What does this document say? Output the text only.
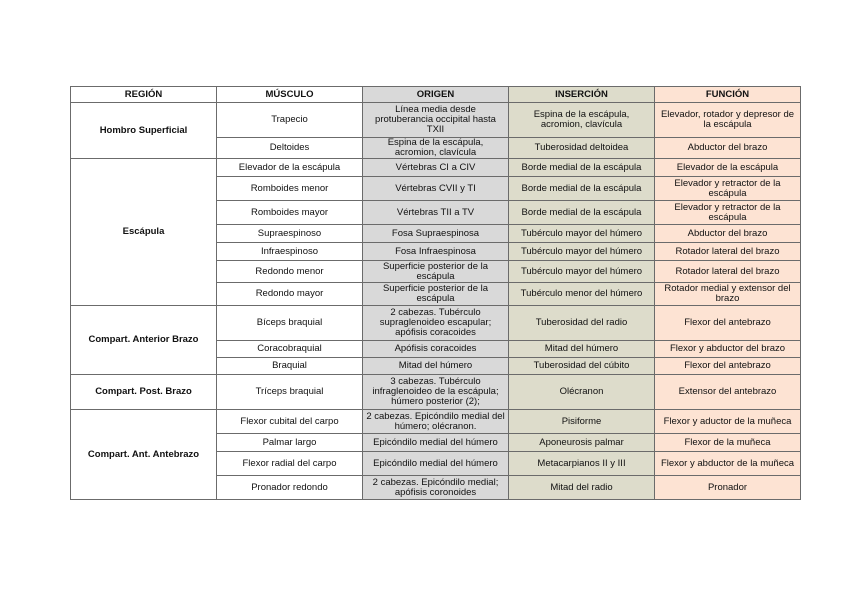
REGIÓN	MÚSCULO	ORIGEN	INSERCIÓN	FUNCIÓN
Hombro Superficial	Trapecio	Línea media desde protuberancia occipital hasta TXII	Espina de la escápula, acromion, clavícula	Elevador, rotador y depresor de la escápula
	Deltoides	Espina de la escápula, acromion, clavícula	Tuberosidad deltoidea	Abductor del brazo
Escápula	Elevador de la escápula	Vértebras CI a CIV	Borde medial de la escápula	Elevador de la escápula
	Romboides menor	Vértebras CVII y TI	Borde medial de la escápula	Elevador y retractor de la escápula
	Romboides mayor	Vértebras TII a TV	Borde medial de la escápula	Elevador y retractor de la escápula
	Supraespinoso	Fosa Supraespinosa	Tubérculo mayor del húmero	Abductor del brazo
	Infraespinoso	Fosa Infraespinosa	Tubérculo mayor del húmero	Rotador lateral del brazo
	Redondo menor	Superficie posterior de la escápula	Tubérculo mayor del húmero	Rotador lateral del brazo
	Redondo mayor	Superficie posterior de la escápula	Tubérculo menor del húmero	Rotador medial y extensor del brazo
Compart. Anterior Brazo	Bíceps braquial	2 cabezas. Tubérculo supraglenoideo escapular; apófisis coracoides	Tuberosidad del radio	Flexor del antebrazo
	Coracobraquial	Apófisis coracoides	Mitad del húmero	Flexor y abductor del brazo
	Braquial	Mitad del húmero	Tuberosidad del cúbito	Flexor del antebrazo
Compart. Post. Brazo	Tríceps braquial	3 cabezas. Tubérculo infraglenoideo de la escápula; húmero posterior (2);	Olécranon	Extensor del antebrazo
Compart. Ant. Antebrazo	Flexor cubital del carpo	2 cabezas. Epicóndilo medial del húmero; olécranon.	Pisiforme	Flexor y aductor de la muñeca
	Palmar largo	Epicóndilo medial del húmero	Aponeurosis palmar	Flexor de la muñeca
	Flexor radial del carpo	Epicóndilo medial del húmero	Metacarpianos II y III	Flexor y abductor de la muñeca
	Pronador redondo	2 cabezas. Epicóndilo medial; apófisis coronoides	Mitad del radio	Pronador
